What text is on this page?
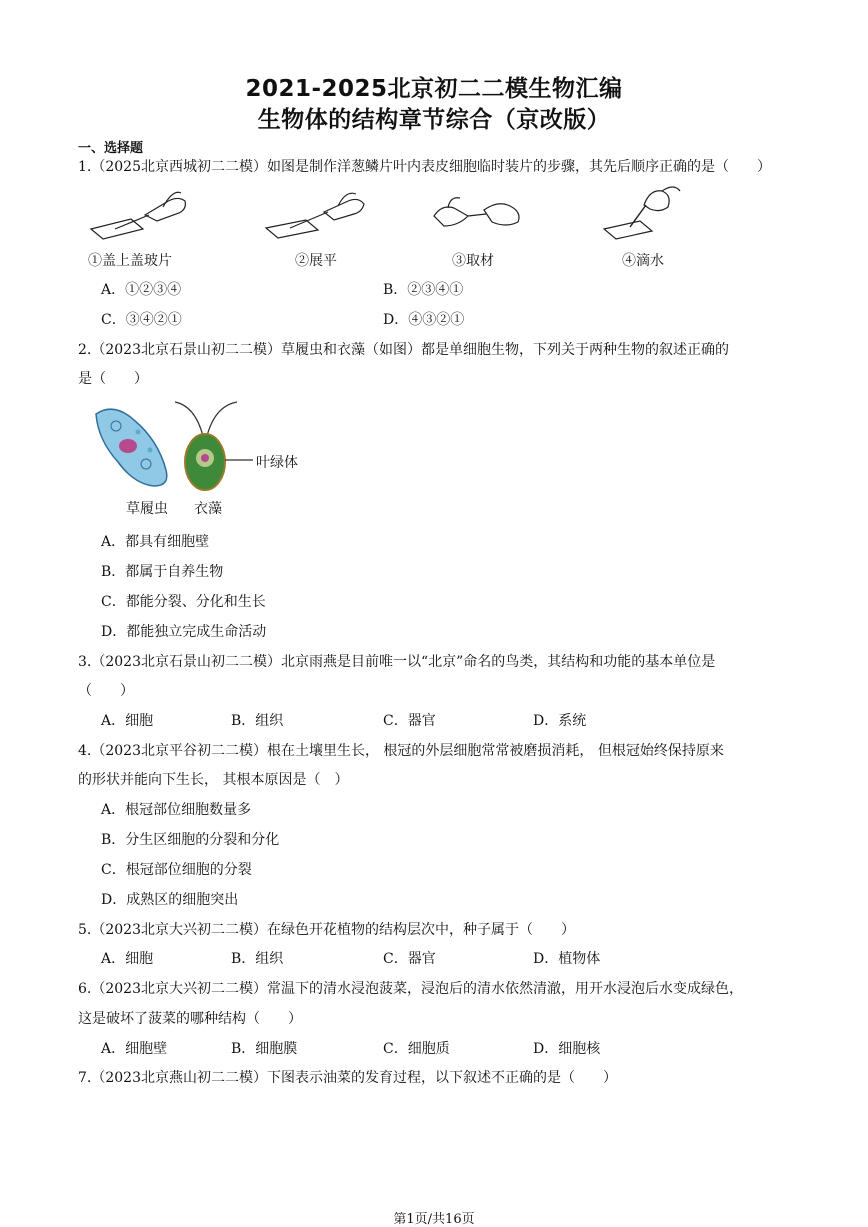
2021-2025北京初二二模生物汇编
生物体的结构章节综合（京改版）
一、选择题
1.（2025北京西城初二二模）如图是制作洋葱鳞片叶内表皮细胞临时装片的步骤，其先后顺序正确的是（　　）
①盖上盖玻片	②展平	③取材	④滴水
A．①②③④	B．②③④①
C．③④②①	D．④③②①
2.（2023北京石景山初二二模）草履虫和衣藻（如图）都是单细胞生物，下列关于两种生物的叙述正确的
是（　　）
叶绿体
草履虫 衣藻
A．都具有细胞壁
B．都属于自养生物
C．都能分裂、分化和生长
D．都能独立完成生命活动
3.（2023北京石景山初二二模）北京雨燕是目前唯一以“北京”命名的鸟类，其结构和功能的基本单位是
（　　）
A．细胞	B．组织	C．器官	D．系统
4.（2023北京平谷初二二模）根在土壤里生长， 根冠的外层细胞常常被磨损消耗， 但根冠始终保持原来
的形状并能向下生长， 其根本原因是（　）
A．根冠部位细胞数量多
B．分生区细胞的分裂和分化
C．根冠部位细胞的分裂
D．成熟区的细胞突出
5.（2023北京大兴初二二模）在绿色开花植物的结构层次中，种子属于（　　）
A．细胞	B．组织	C．器官	D．植物体
6.（2023北京大兴初二二模）常温下的清水浸泡菠菜，浸泡后的清水依然清澈，用开水浸泡后水变成绿色，
这是破坏了菠菜的哪种结构（　　）
A．细胞壁	B．细胞膜	C．细胞质	D．细胞核
7.（2023北京燕山初二二模）下图表示油菜的发育过程，以下叙述不正确的是（　　）
第1页/共16页
